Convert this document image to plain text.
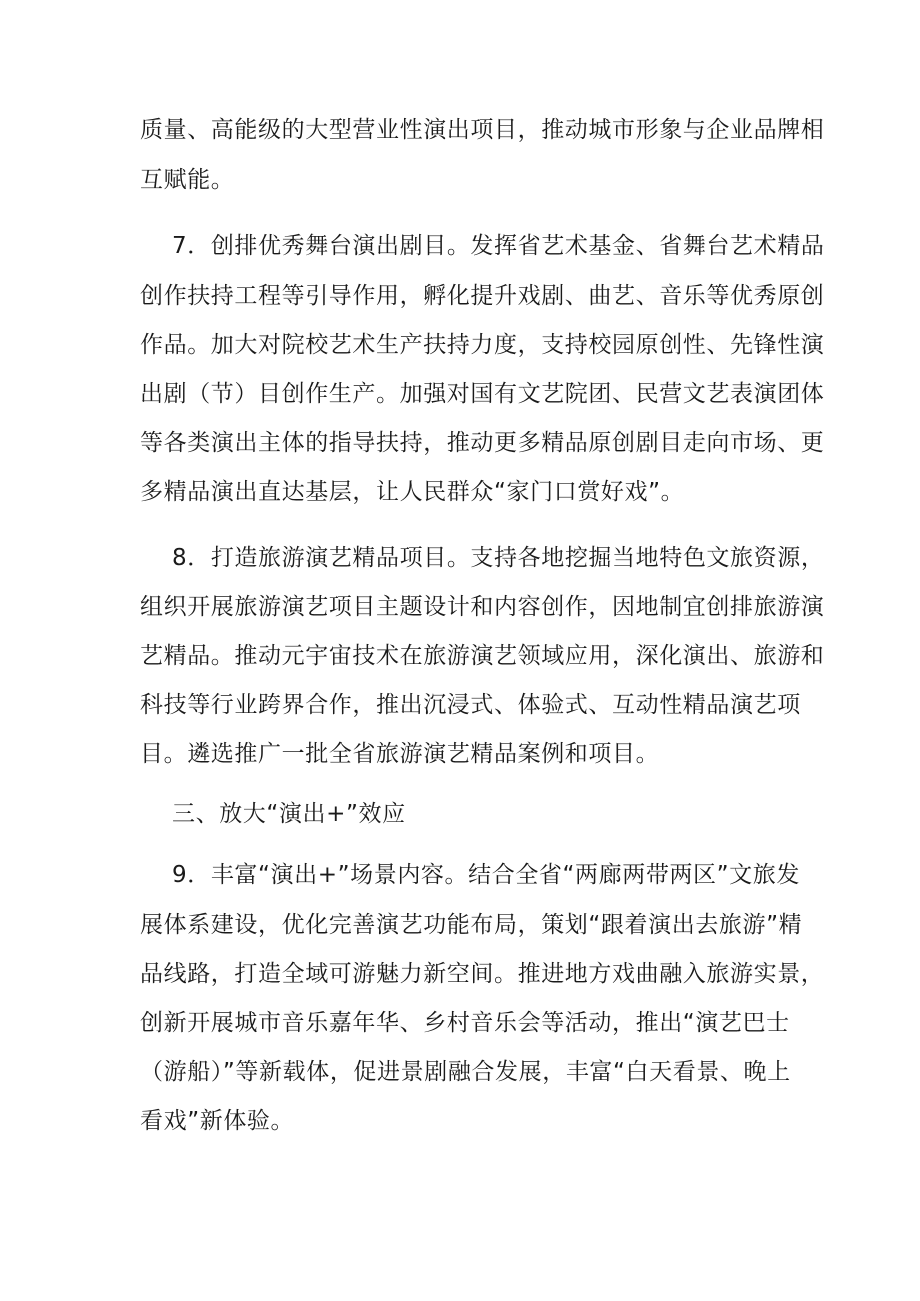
质量、高能级的大型营业性演出项目，推动城市形象与企业品牌相

互赋能。

7．创排优秀舞台演出剧目。发挥省艺术基金、省舞台艺术精品

创作扶持工程等引导作用，孵化提升戏剧、曲艺、音乐等优秀原创

作品。加大对院校艺术生产扶持力度，支持校园原创性、先锋性演

出剧（节）目创作生产。加强对国有文艺院团、民营文艺表演团体

等各类演出主体的指导扶持，推动更多精品原创剧目走向市场、更

多精品演出直达基层，让人民群众“家门口赏好戏”。

8．打造旅游演艺精品项目。支持各地挖掘当地特色文旅资源，

组织开展旅游演艺项目主题设计和内容创作，因地制宜创排旅游演

艺精品。推动元宇宙技术在旅游演艺领域应用，深化演出、旅游和

科技等行业跨界合作，推出沉浸式、体验式、互动性精品演艺项

目。遴选推广一批全省旅游演艺精品案例和项目。

三、放大“演出+”效应

9．丰富“演出+”场景内容。结合全省“两廊两带两区”文旅发

展体系建设，优化完善演艺功能布局，策划“跟着演出去旅游”精

品线路，打造全域可游魅力新空间。推进地方戏曲融入旅游实景，

创新开展城市音乐嘉年华、乡村音乐会等活动，推出“演艺巴士

（游船）”等新载体，促进景剧融合发展，丰富“白天看景、晚上

看戏”新体验。
